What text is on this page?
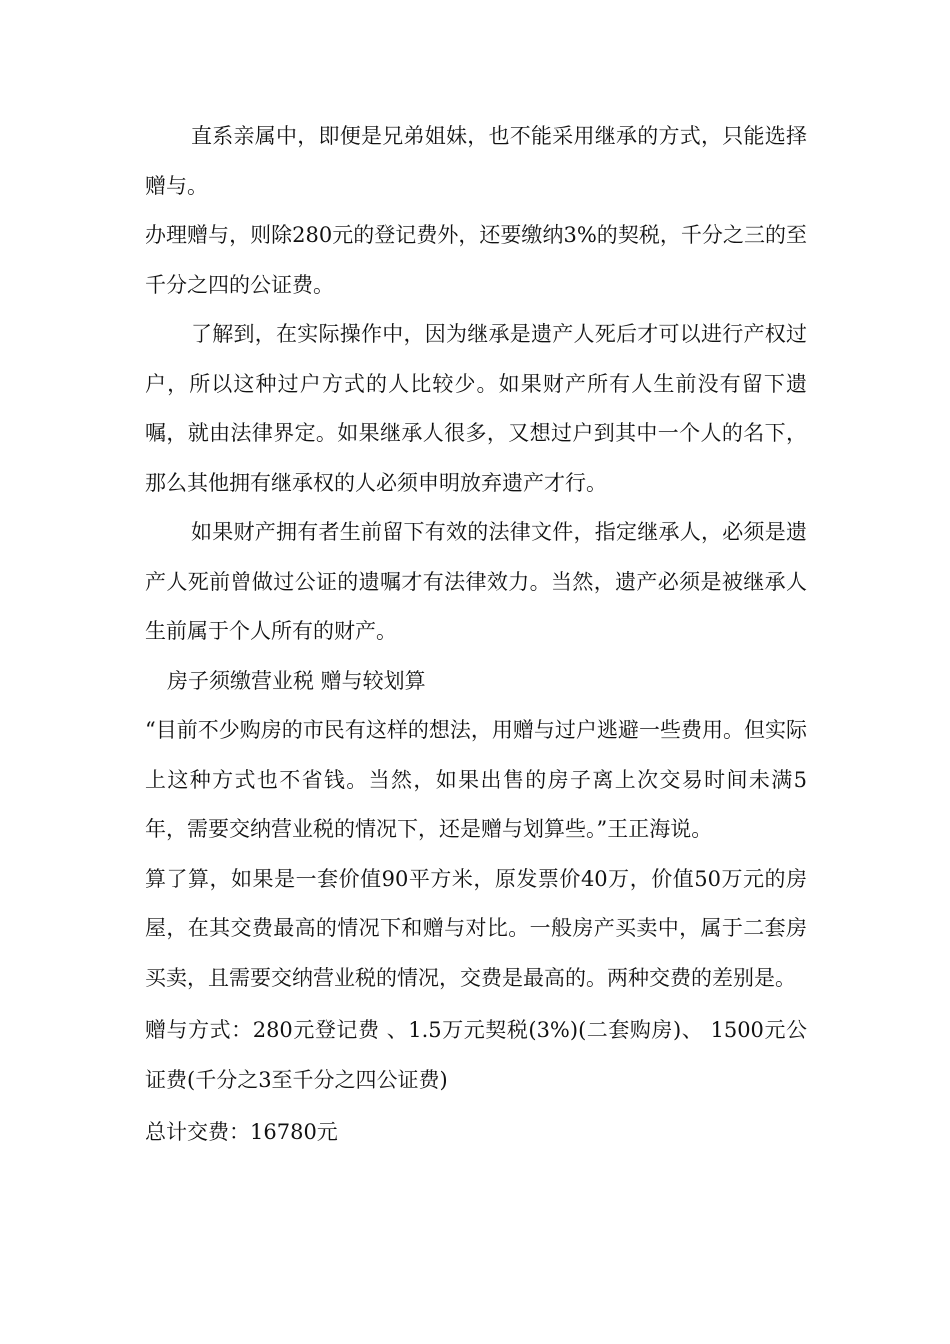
直系亲属中，即便是兄弟姐妹，也不能采用继承的方式，只能选择赠与。

办理赠与，则除280元的登记费外，还要缴纳3%的契税，千分之三的至千分之四的公证费。

了解到，在实际操作中，因为继承是遗产人死后才可以进行产权过户，所以这种过户方式的人比较少。如果财产所有人生前没有留下遗嘱，就由法律界定。如果继承人很多，又想过户到其中一个人的名下，那么其他拥有继承权的人必须申明放弃遗产才行。

如果财产拥有者生前留下有效的法律文件，指定继承人，必须是遗产人死前曾做过公证的遗嘱才有法律效力。当然，遗产必须是被继承人生前属于个人所有的财产。

房子须缴营业税 赠与较划算

“目前不少购房的市民有这样的想法，用赠与过户逃避一些费用。但实际上这种方式也不省钱。当然，如果出售的房子离上次交易时间未满5年，需要交纳营业税的情况下，还是赠与划算些。”王正海说。

算了算，如果是一套价值90平方米，原发票价40万，价值50万元的房屋，在其交费最高的情况下和赠与对比。一般房产买卖中，属于二套房买卖，且需要交纳营业税的情况，交费是最高的。两种交费的差别是。

赠与方式：280元登记费 、1.5万元契税(3%)(二套购房)、 1500元公证费(千分之3至千分之四公证费)

总计交费：16780元
